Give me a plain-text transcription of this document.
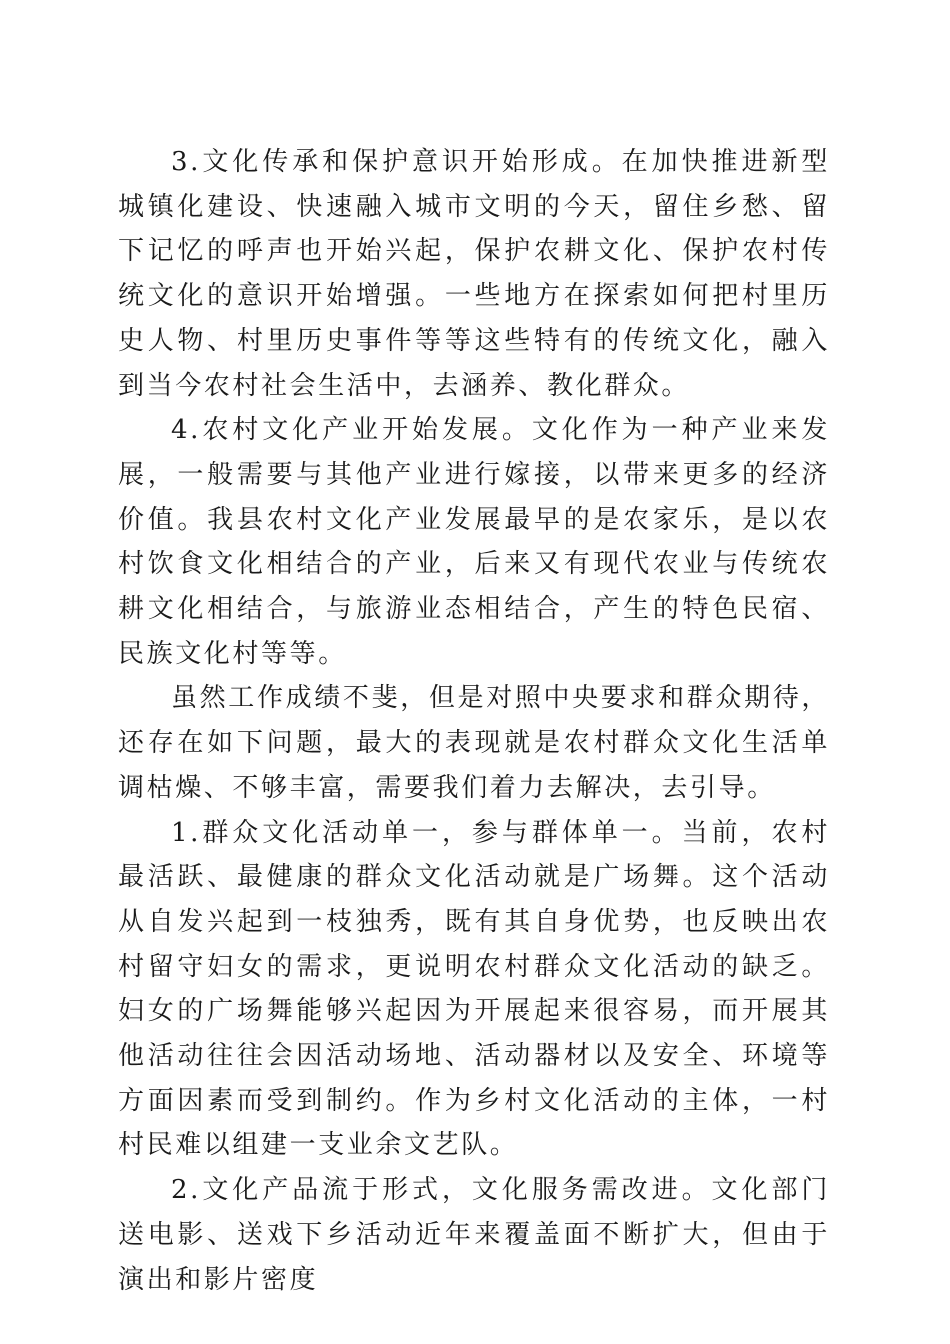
3.文化传承和保护意识开始形成。在加快推进新型城镇化建设、快速融入城市文明的今天，留住乡愁、留下记忆的呼声也开始兴起，保护农耕文化、保护农村传统文化的意识开始增强。一些地方在探索如何把村里历史人物、村里历史事件等等这些特有的传统文化，融入到当今农村社会生活中，去涵养、教化群众。

4.农村文化产业开始发展。文化作为一种产业来发展，一般需要与其他产业进行嫁接，以带来更多的经济价值。我县农村文化产业发展最早的是农家乐，是以农村饮食文化相结合的产业，后来又有现代农业与传统农耕文化相结合，与旅游业态相结合，产生的特色民宿、民族文化村等等。

虽然工作成绩不斐，但是对照中央要求和群众期待，还存在如下问题，最大的表现就是农村群众文化生活单调枯燥、不够丰富，需要我们着力去解决，去引导。

1.群众文化活动单一，参与群体单一。当前，农村最活跃、最健康的群众文化活动就是广场舞。这个活动从自发兴起到一枝独秀，既有其自身优势，也反映出农村留守妇女的需求，更说明农村群众文化活动的缺乏。妇女的广场舞能够兴起因为开展起来很容易，而开展其他活动往往会因活动场地、活动器材以及安全、环境等方面因素而受到制约。作为乡村文化活动的主体，一村村民难以组建一支业余文艺队。

2.文化产品流于形式，文化服务需改进。文化部门送电影、送戏下乡活动近年来覆盖面不断扩大，但由于演出和影片密度
